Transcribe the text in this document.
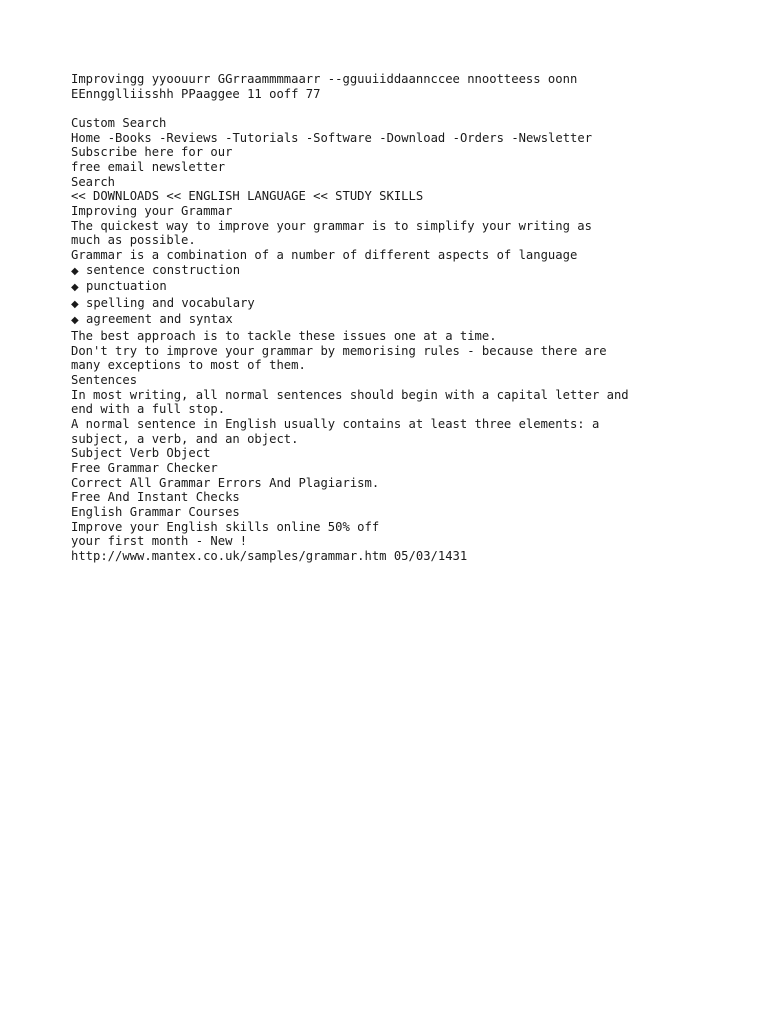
Improvingg yyoouurr GGrraammmmaarr --gguuiiddaannccee nnootteess oonn
EEnngglliisshh PPaaggee 11 ooff 77
Custom Search
Home -Books -Reviews -Tutorials -Software -Download -Orders -Newsletter
Subscribe here for our
free email newsletter
Search
<< DOWNLOADS << ENGLISH LANGUAGE << STUDY SKILLS
Improving your Grammar
The quickest way to improve your grammar is to simplify your writing as
much as possible.
Grammar is a combination of a number of different aspects of language
◆ sentence construction
◆ punctuation
◆ spelling and vocabulary
◆ agreement and syntax
The best approach is to tackle these issues one at a time.
Don't try to improve your grammar by memorising rules - because there are
many exceptions to most of them.
Sentences
In most writing, all normal sentences should begin with a capital letter and
end with a full stop.
A normal sentence in English usually contains at least three elements: a
subject, a verb, and an object.
Subject Verb Object
Free Grammar Checker
Correct All Grammar Errors And Plagiarism.
Free And Instant Checks
English Grammar Courses
Improve your English skills online 50% off
your first month - New !
http://www.mantex.co.uk/samples/grammar.htm 05/03/1431
